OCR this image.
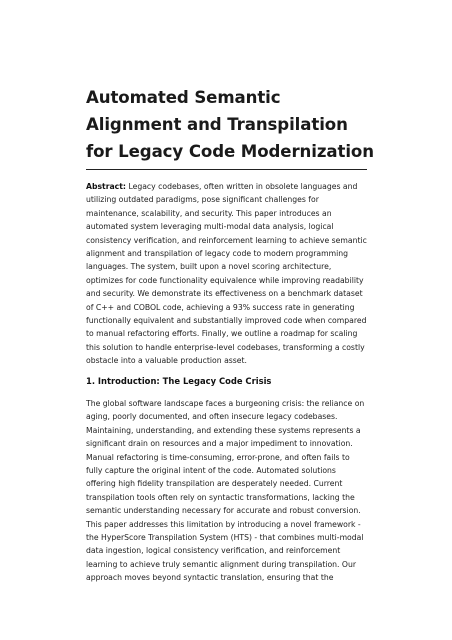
Automated Semantic Alignment and Transpilation for Legacy Code Modernization

Abstract: Legacy codebases, often written in obsolete languages and utilizing outdated paradigms, pose significant challenges for maintenance, scalability, and security. This paper introduces an automated system leveraging multi-modal data analysis, logical consistency verification, and reinforcement learning to achieve semantic alignment and transpilation of legacy code to modern programming languages. The system, built upon a novel scoring architecture, optimizes for code functionality equivalence while improving readability and security. We demonstrate its effectiveness on a benchmark dataset of C++ and COBOL code, achieving a 93% success rate in generating functionally equivalent and substantially improved code when compared to manual refactoring efforts. Finally, we outline a roadmap for scaling this solution to handle enterprise-level codebases, transforming a costly obstacle into a valuable production asset.

1. Introduction: The Legacy Code Crisis

The global software landscape faces a burgeoning crisis: the reliance on aging, poorly documented, and often insecure legacy codebases. Maintaining, understanding, and extending these systems represents a significant drain on resources and a major impediment to innovation. Manual refactoring is time-consuming, error-prone, and often fails to fully capture the original intent of the code. Automated solutions offering high fidelity transpilation are desperately needed. Current transpilation tools often rely on syntactic transformations, lacking the semantic understanding necessary for accurate and robust conversion. This paper addresses this limitation by introducing a novel framework - the HyperScore Transpilation System (HTS) - that combines multi-modal data ingestion, logical consistency verification, and reinforcement learning to achieve truly semantic alignment during transpilation. Our approach moves beyond syntactic translation, ensuring that the
